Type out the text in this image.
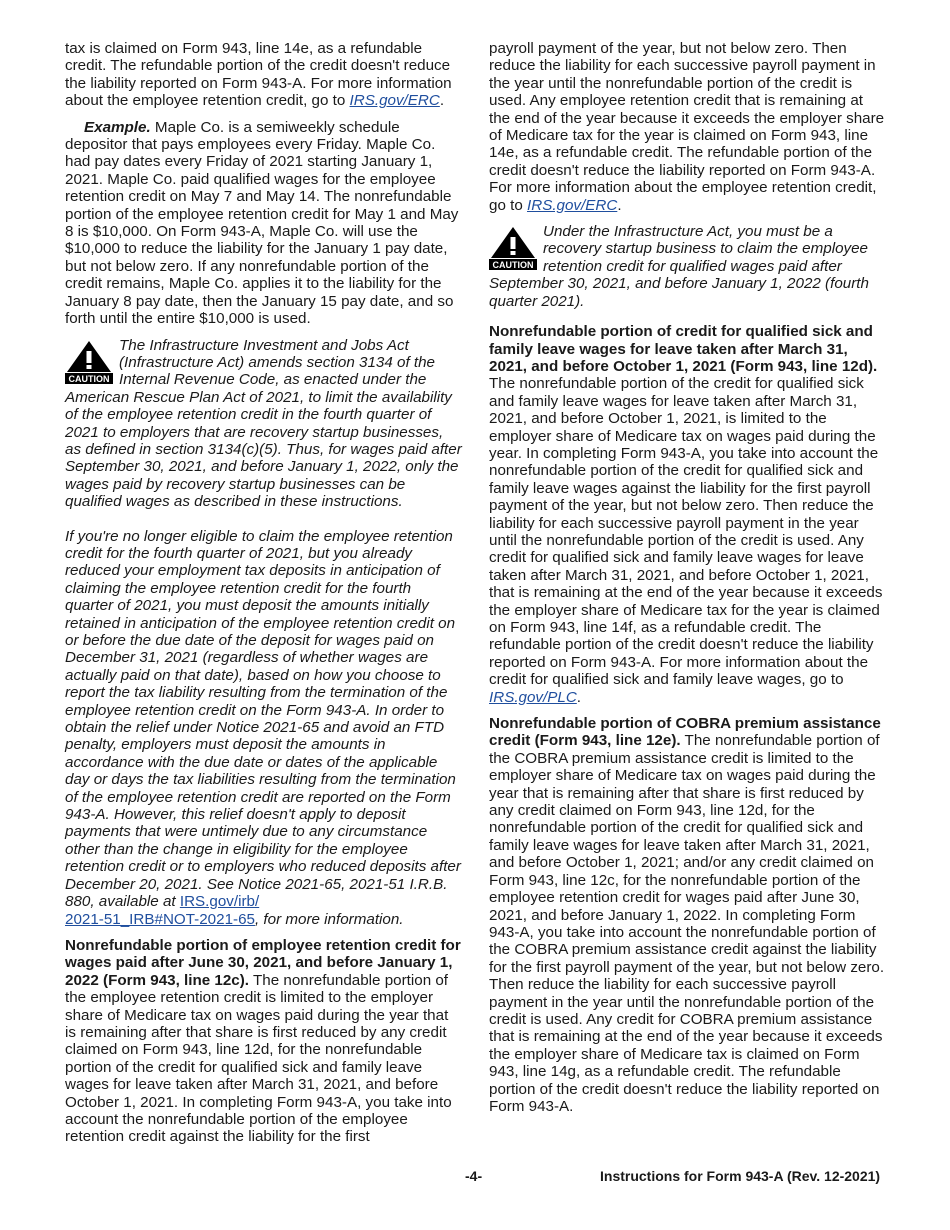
tax is claimed on Form 943, line 14e, as a refundable credit. The refundable portion of the credit doesn't reduce the liability reported on Form 943-A. For more information about the employee retention credit, go to IRS.gov/ERC.

Example. Maple Co. is a semiweekly schedule depositor that pays employees every Friday. Maple Co. had pay dates every Friday of 2021 starting January 1, 2021. Maple Co. paid qualified wages for the employee retention credit on May 7 and May 14. The nonrefundable portion of the employee retention credit for May 1 and May 8 is $10,000. On Form 943-A, Maple Co. will use the $10,000 to reduce the liability for the January 1 pay date, but not below zero. If any nonrefundable portion of the credit remains, Maple Co. applies it to the liability for the January 8 pay date, then the January 15 pay date, and so forth until the entire $10,000 is used.

CAUTION

The Infrastructure Investment and Jobs Act (Infrastructure Act) amends section 3134 of the Internal Revenue Code, as enacted under the American Rescue Plan Act of 2021, to limit the availability of the employee retention credit in the fourth quarter of 2021 to employers that are recovery startup businesses, as defined in section 3134(c)(5). Thus, for wages paid after September 30, 2021, and before January 1, 2022, only the wages paid by recovery startup businesses can be qualified wages as described in these instructions.

If you're no longer eligible to claim the employee retention credit for the fourth quarter of 2021, but you already reduced your employment tax deposits in anticipation of claiming the employee retention credit for the fourth quarter of 2021, you must deposit the amounts initially retained in anticipation of the employee retention credit on or before the due date of the deposit for wages paid on December 31, 2021 (regardless of whether wages are actually paid on that date), based on how you choose to report the tax liability resulting from the termination of the employee retention credit on the Form 943-A. In order to obtain the relief under Notice 2021-65 and avoid an FTD penalty, employers must deposit the amounts in accordance with the due date or dates of the applicable day or days the tax liabilities resulting from the termination of the employee retention credit are reported on the Form 943-A. However, this relief doesn't apply to deposit payments that were untimely due to any circumstance other than the change in eligibility for the employee retention credit or to employers who reduced deposits after December 20, 2021. See Notice 2021-65, 2021-51 I.R.B. 880, available at IRS.gov/irb/
2021-51_IRB#NOT-2021-65, for more information.

Nonrefundable portion of employee retention credit for wages paid after June 30, 2021, and before January 1, 2022 (Form 943, line 12c). The nonrefundable portion of the employee retention credit is limited to the employer share of Medicare tax on wages paid during the year that is remaining after that share is first reduced by any credit claimed on Form 943, line 12d, for the nonrefundable portion of the credit for qualified sick and family leave wages for leave taken after March 31, 2021, and before October 1, 2021. In completing Form 943-A, you take into account the nonrefundable portion of the employee retention credit against the liability for the first

payroll payment of the year, but not below zero. Then reduce the liability for each successive payroll payment in the year until the nonrefundable portion of the credit is used. Any employee retention credit that is remaining at the end of the year because it exceeds the employer share of Medicare tax for the year is claimed on Form 943, line 14e, as a refundable credit. The refundable portion of the credit doesn't reduce the liability reported on Form 943-A. For more information about the employee retention credit, go to IRS.gov/ERC.

CAUTION

Under the Infrastructure Act, you must be a recovery startup business to claim the employee retention credit for qualified wages paid after September 30, 2021, and before January 1, 2022 (fourth quarter 2021).

Nonrefundable portion of credit for qualified sick and family leave wages for leave taken after March 31, 2021, and before October 1, 2021 (Form 943, line 12d). The nonrefundable portion of the credit for qualified sick and family leave wages for leave taken after March 31, 2021, and before October 1, 2021, is limited to the employer share of Medicare tax on wages paid during the year. In completing Form 943-A, you take into account the nonrefundable portion of the credit for qualified sick and family leave wages against the liability for the first payroll payment of the year, but not below zero. Then reduce the liability for each successive payroll payment in the year until the nonrefundable portion of the credit is used. Any credit for qualified sick and family leave wages for leave taken after March 31, 2021, and before October 1, 2021, that is remaining at the end of the year because it exceeds the employer share of Medicare tax for the year is claimed on Form 943, line 14f, as a refundable credit. The refundable portion of the credit doesn't reduce the liability reported on Form 943-A. For more information about the credit for qualified sick and family leave wages, go to IRS.gov/PLC.

Nonrefundable portion of COBRA premium assistance credit (Form 943, line 12e). The nonrefundable portion of the COBRA premium assistance credit is limited to the employer share of Medicare tax on wages paid during the year that is remaining after that share is first reduced by any credit claimed on Form 943, line 12d, for the nonrefundable portion of the credit for qualified sick and family leave wages for leave taken after March 31, 2021, and before October 1, 2021; and/or any credit claimed on Form 943, line 12c, for the nonrefundable portion of the employee retention credit for wages paid after June 30, 2021, and before January 1, 2022. In completing Form 943-A, you take into account the nonrefundable portion of the COBRA premium assistance credit against the liability for the first payroll payment of the year, but not below zero. Then reduce the liability for each successive payroll payment in the year until the nonrefundable portion of the credit is used. Any credit for COBRA premium assistance that is remaining at the end of the year because it exceeds the employer share of Medicare tax is claimed on Form 943, line 14g, as a refundable credit. The refundable portion of the credit doesn't reduce the liability reported on Form 943-A.

-4-	Instructions for Form 943-A (Rev. 12-2021)
